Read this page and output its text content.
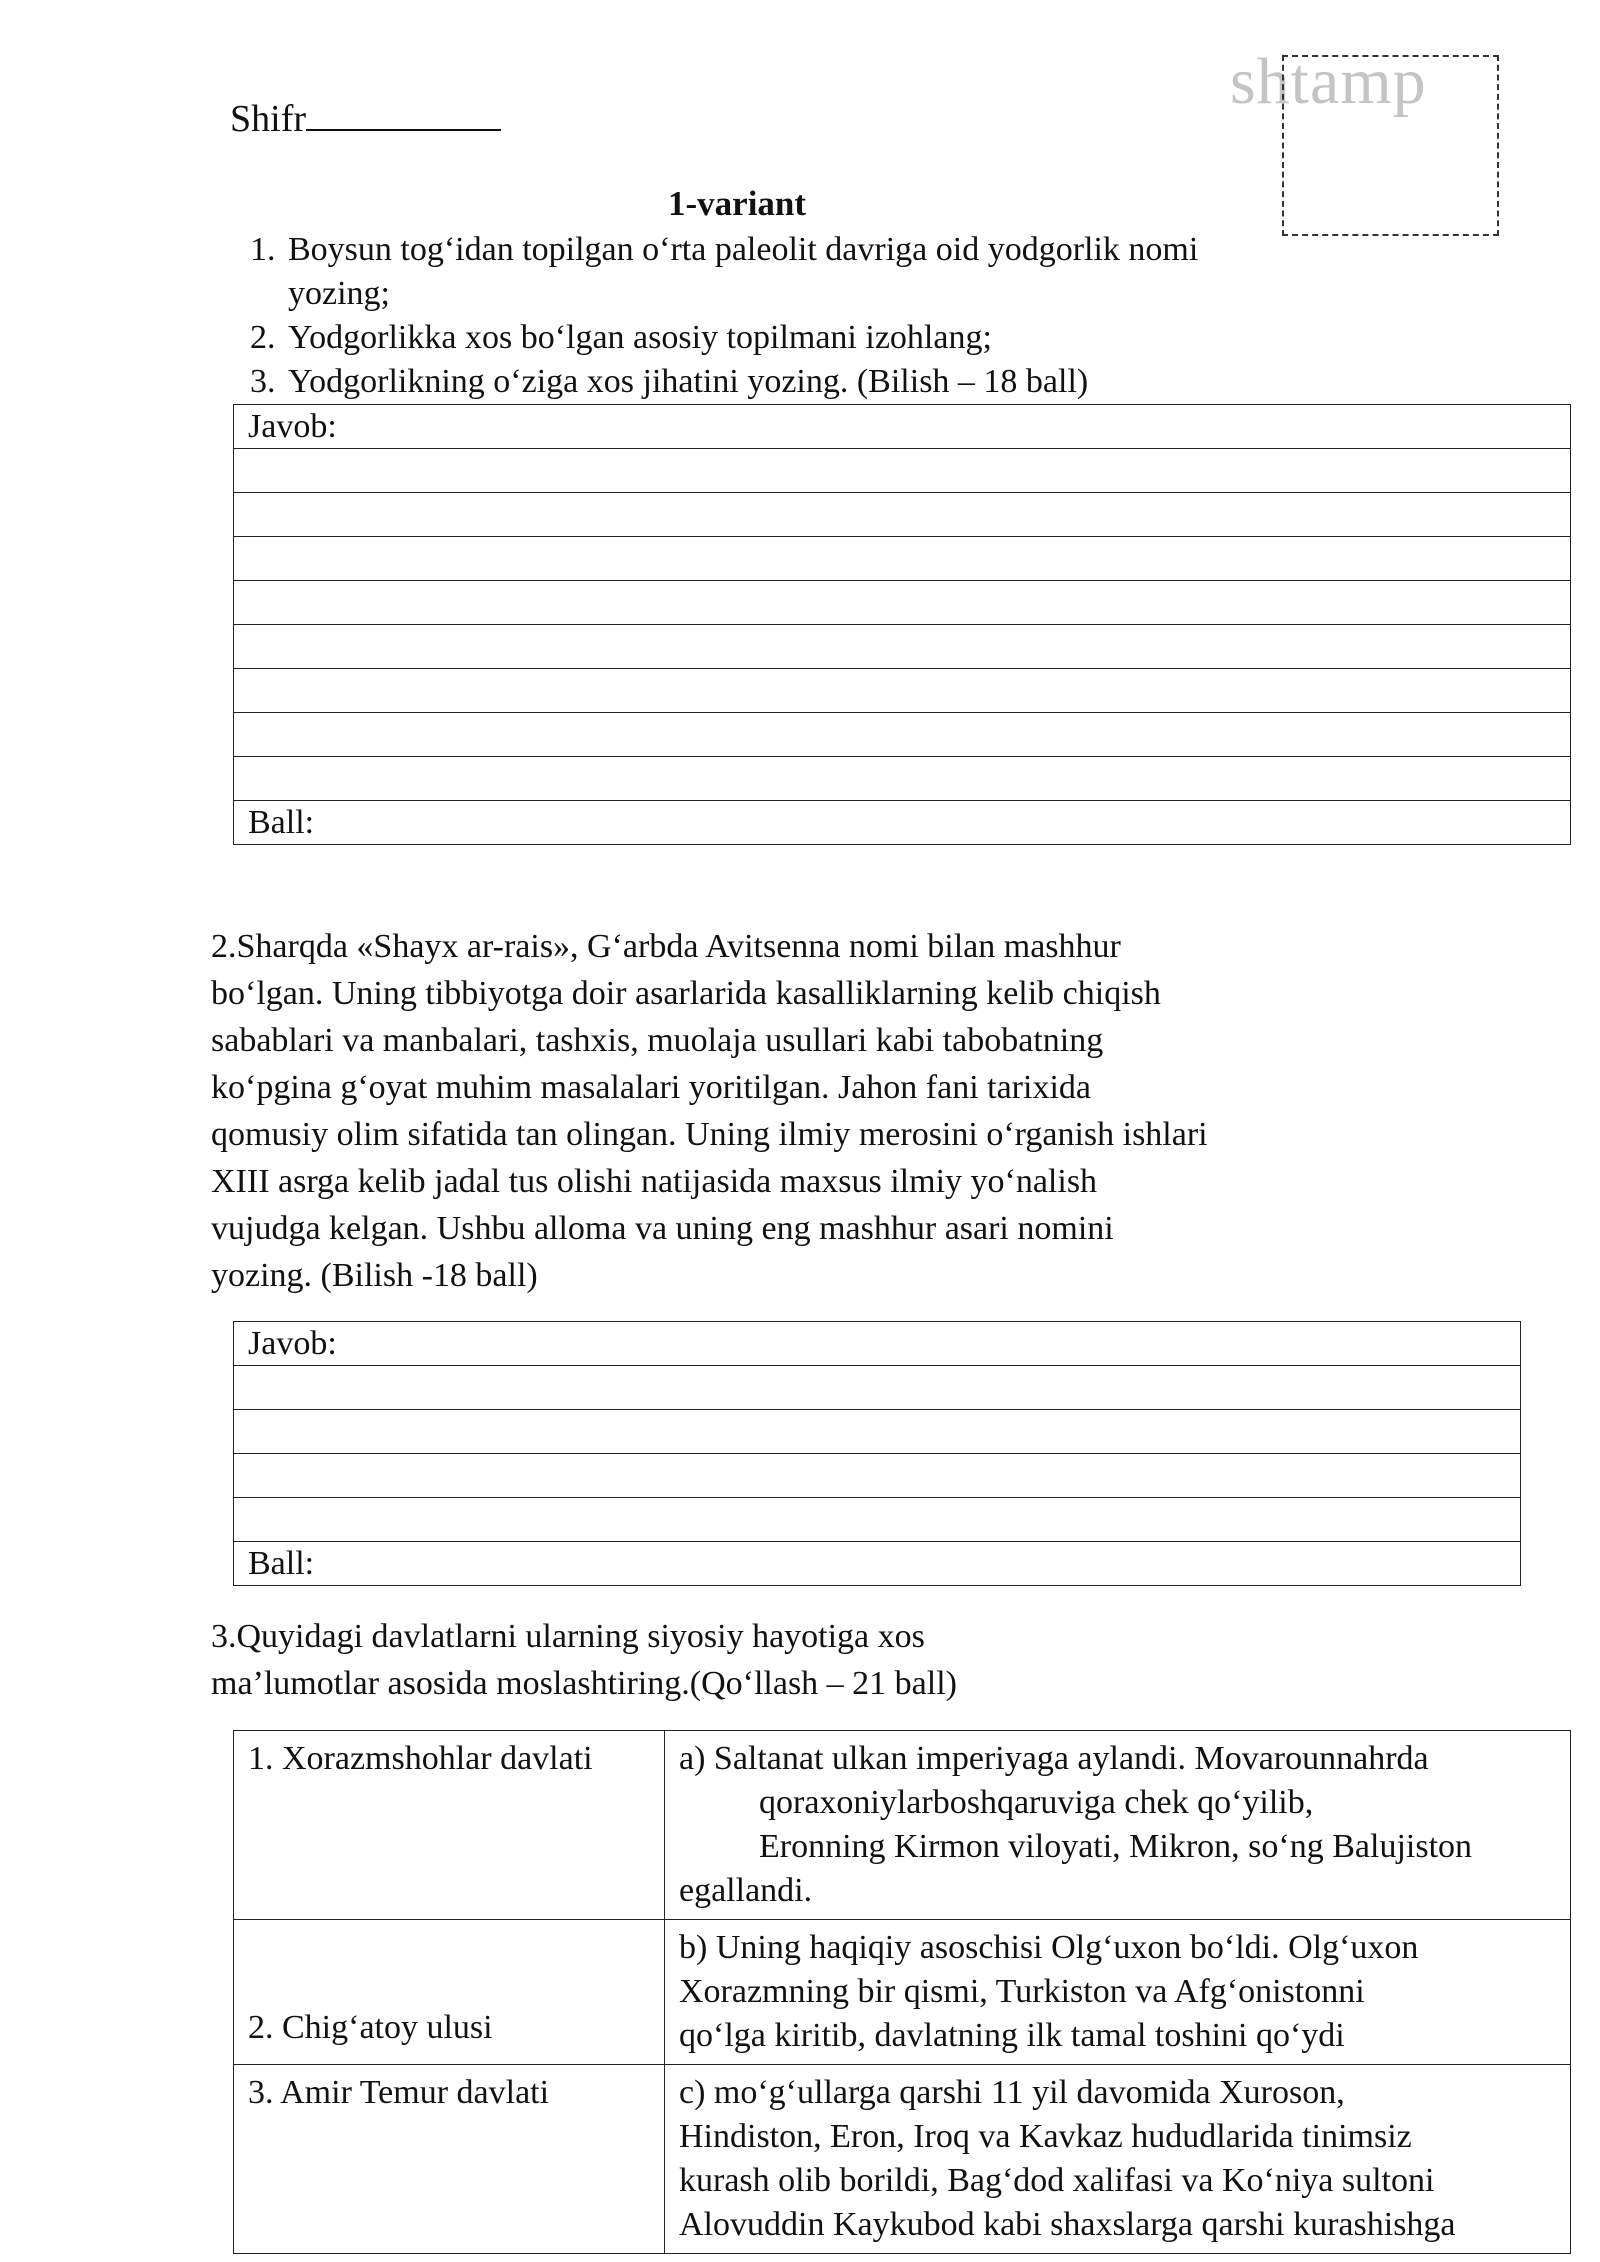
Shifr
shtamp
1-variant
1. Boysun tog‘idan topilgan o‘rta paleolit davriga oid yodgorlik nomi yozing;
2. Yodgorlikka xos bo‘lgan asosiy topilmani izohlang;
3. Yodgorlikning o‘ziga xos jihatini yozing. (Bilish – 18 ball)
Javob:

Ball:
2.Sharqda «Shayx ar-rais», G‘arbda Avitsenna nomi bilan mashhur
bo‘lgan. Uning tibbiyotga doir asarlarida kasalliklarning kelib chiqish
sabablari va manbalari, tashxis, muolaja usullari kabi tabobatning
ko‘pgina g‘oyat muhim masalalari yoritilgan. Jahon fani tarixida
qomusiy olim sifatida tan olingan. Uning ilmiy merosini o‘rganish ishlari
XIII asrga kelib jadal tus olishi natijasida maxsus ilmiy yo‘nalish
vujudga kelgan. Ushbu alloma va uning eng mashhur asari nomini
yozing. (Bilish -18 ball)
Javob:

Ball:
3.Quyidagi davlatlarni ularning siyosiy hayotiga xos
ma’lumotlar asosida moslashtiring.(Qo‘llash – 21 ball)
1. Xorazmshohlar davlati	a) Saltanat ulkan imperiyaga aylandi. Movarounnahrda
qoraxoniylarboshqaruviga chek qo‘yilib,
Eronning Kirmon viloyati, Mikron, so‘ng Balujiston
egallandi.

2. Chig‘atoy ulusi	b) Uning haqiqiy asoschisi Olg‘uxon bo‘ldi. Olg‘uxon
Xorazmning bir qismi, Turkiston va Afg‘onistonni
qo‘lga kiritib, davlatning ilk tamal toshini qo‘ydi

3. Amir Temur davlati	c) mo‘g‘ullarga qarshi 11 yil davomida Xuroson,
Hindiston, Eron, Iroq va Kavkaz hududlarida tinimsiz
kurash olib borildi, Bag‘dod xalifasi va Ko‘niya sultoni
Alovuddin Kaykubod kabi shaxslarga qarshi kurashishga
